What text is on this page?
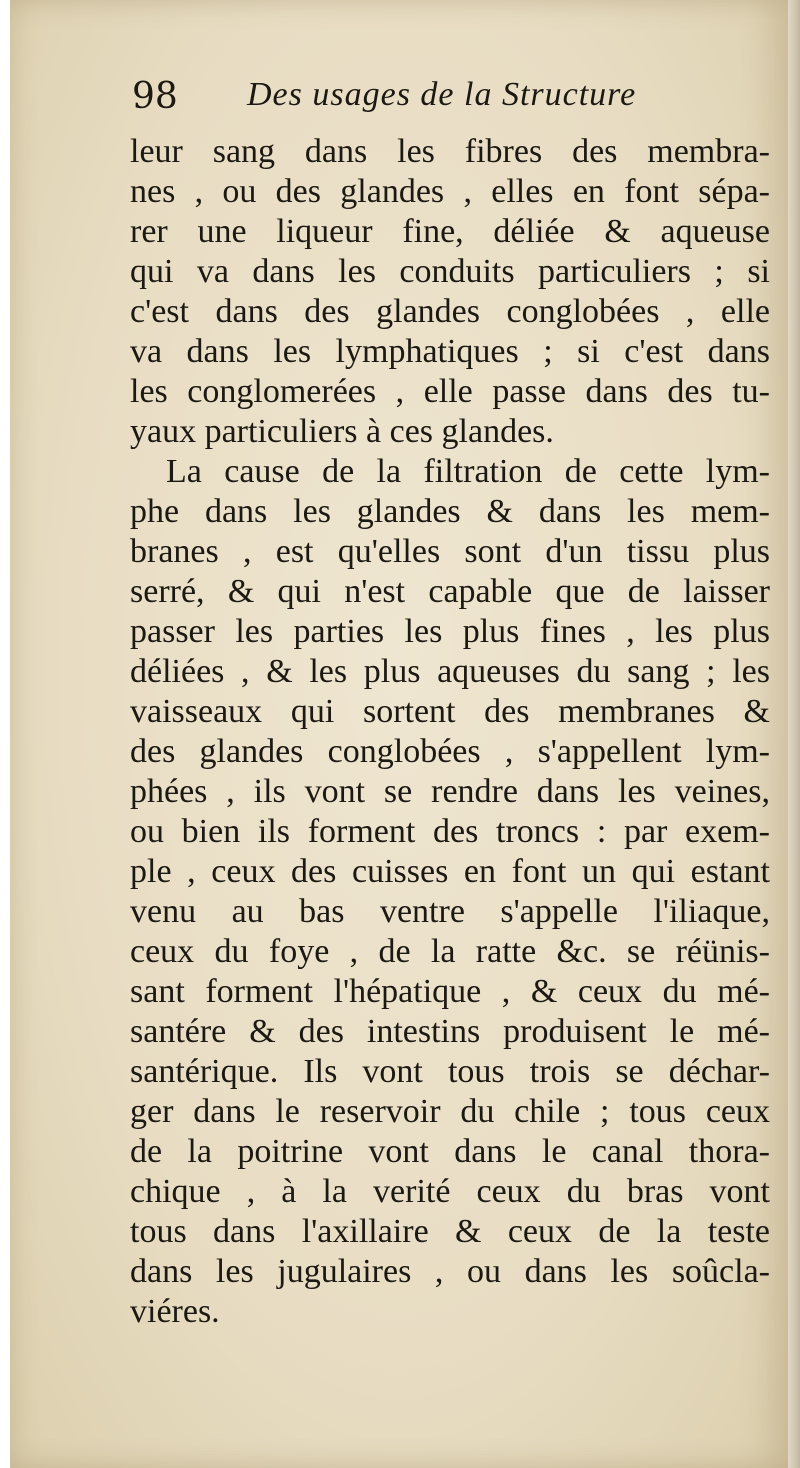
98 Des usages de la Structure
leur sang dans les fibres des membra-
nes , ou des glandes , elles en font sépa-
rer une liqueur fine, déliée & aqueuse
qui va dans les conduits particuliers ; si
c'est dans des glandes conglobées , elle
va dans les lymphatiques ; si c'est dans
les conglomerées , elle passe dans des tu-
yaux particuliers à ces glandes.
La cause de la filtration de cette lym-
phe dans les glandes & dans les mem-
branes , est qu'elles sont d'un tissu plus
serré, & qui n'est capable que de laisser
passer les parties les plus fines , les plus
déliées , & les plus aqueuses du sang ; les
vaisseaux qui sortent des membranes &
des glandes conglobées , s'appellent lym-
phées , ils vont se rendre dans les veines,
ou bien ils forment des troncs : par exem-
ple , ceux des cuisses en font un qui estant
venu au bas ventre s'appelle l'iliaque,
ceux du foye , de la ratte &c. se réünis-
sant forment l'hépatique , & ceux du mé-
santére & des intestins produisent le mé-
santérique. Ils vont tous trois se déchar-
ger dans le reservoir du chile ; tous ceux
de la poitrine vont dans le canal thora-
chique , à la verité ceux du bras vont
tous dans l'axillaire & ceux de la teste
dans les jugulaires , ou dans les soûcla-
viéres.
